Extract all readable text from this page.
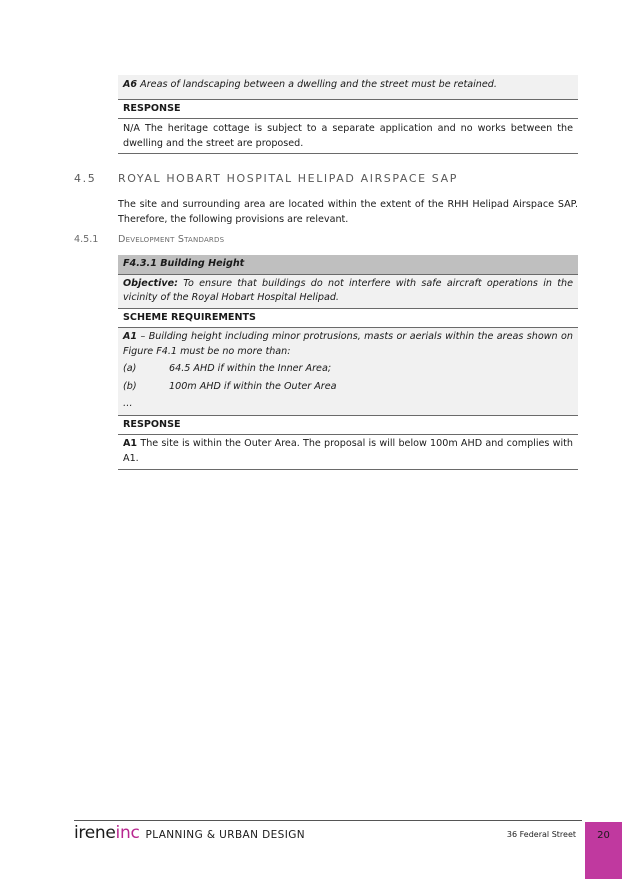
A6 Areas of landscaping between a dwelling and the street must be retained.
RESPONSE
N/A The heritage cottage is subject to a separate application and no works between the dwelling and the street are proposed.
4.5 ROYAL HOBART HOSPITAL HELIPAD AIRSPACE SAP
The site and surrounding area are located within the extent of the RHH Helipad Airspace SAP. Therefore, the following provisions are relevant.
4.5.1 Development Standards
F4.3.1 Building Height
Objective: To ensure that buildings do not interfere with safe aircraft operations in the vicinity of the Royal Hobart Hospital Helipad.
SCHEME REQUIREMENTS
A1 – Building height including minor protrusions, masts or aerials within the areas shown on Figure F4.1 must be no more than:
(a)	64.5 AHD if within the Inner Area;
(b)	100m AHD if within the Outer Area
…
RESPONSE
A1 The site is within the Outer Area. The proposal is will below 100m AHD and complies with A1.
ireneinc PLANNING & URBAN DESIGN	36 Federal Street	20
